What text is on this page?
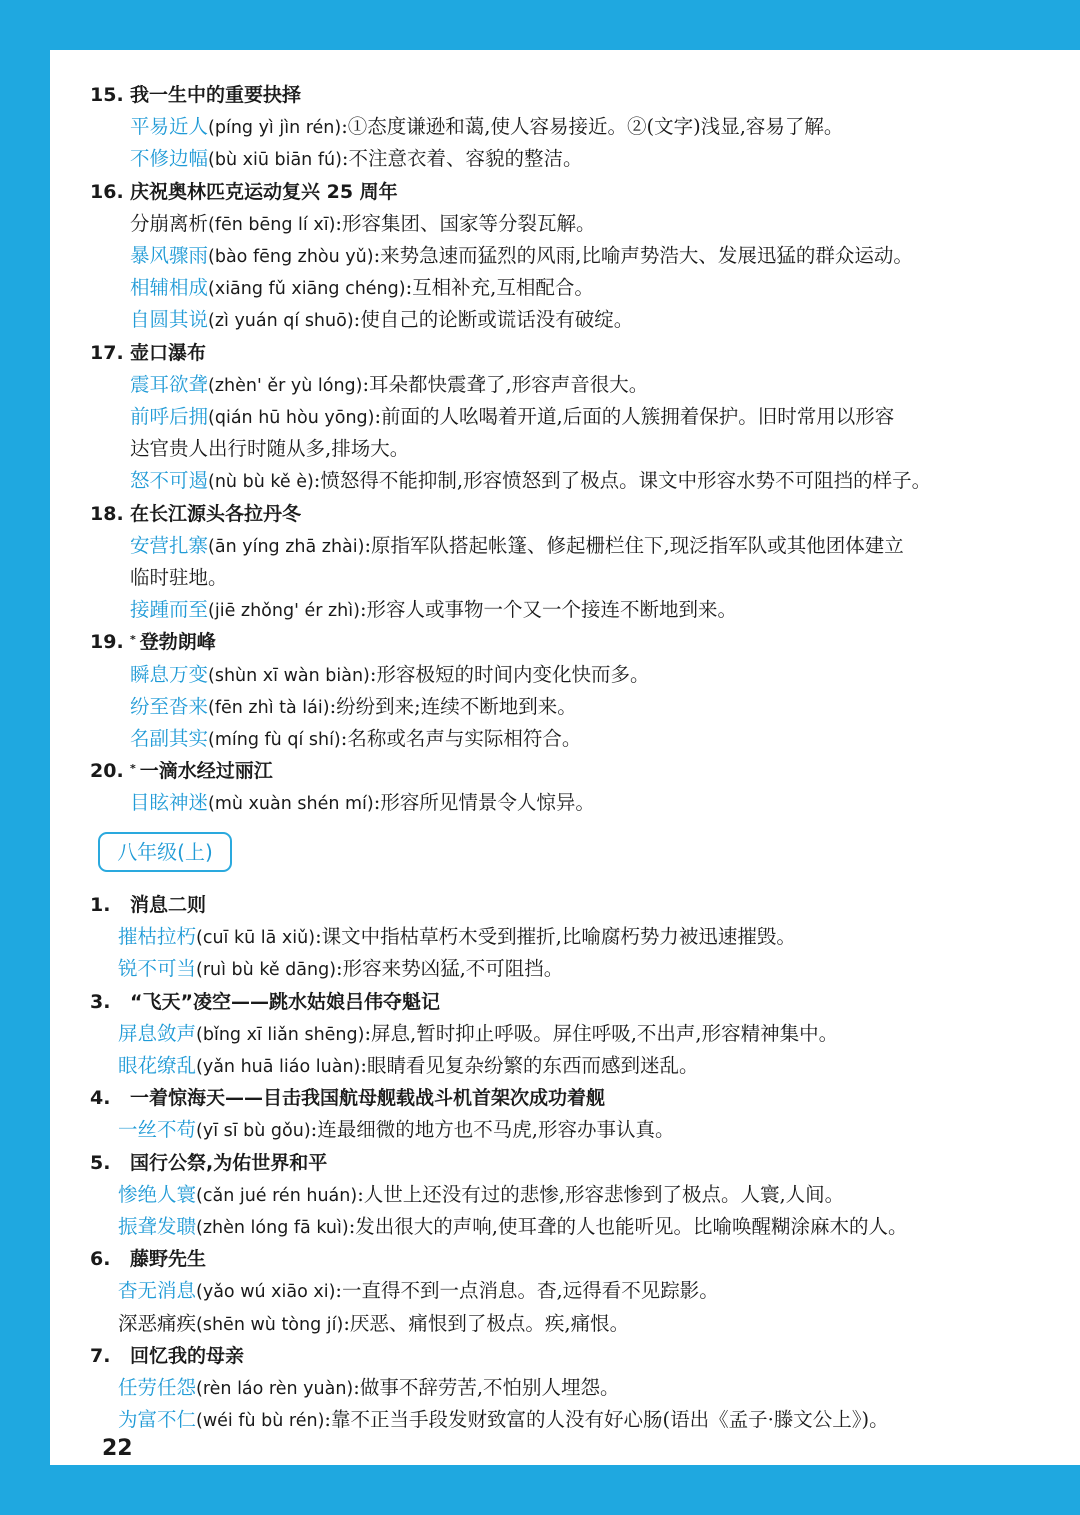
15. 我一生中的重要抉择
平易近人(píng yì jìn rén):①态度谦逊和蔼,使人容易接近。②(文字)浅显,容易了解。
不修边幅(bù xiū biān fú):不注意衣着、容貌的整洁。
16. 庆祝奥林匹克运动复兴 25 周年
分崩离析(fēn bēng lí xī):形容集团、国家等分裂瓦解。
暴风骤雨(bào fēng zhòu yǔ):来势急速而猛烈的风雨,比喻声势浩大、发展迅猛的群众运动。
相辅相成(xiāng fǔ xiāng chéng):互相补充,互相配合。
自圆其说(zì yuán qí shuō):使自己的论断或谎话没有破绽。
17. 壶口瀑布
震耳欲聋(zhèn' ěr yù lóng):耳朵都快震聋了,形容声音很大。
前呼后拥(qián hū hòu yōng):前面的人吆喝着开道,后面的人簇拥着保护。旧时常用以形容
达官贵人出行时随从多,排场大。
怒不可遏(nù bù kě è):愤怒得不能抑制,形容愤怒到了极点。课文中形容水势不可阻挡的样子。
18. 在长江源头各拉丹冬
安营扎寨(ān yíng zhā zhài):原指军队搭起帐篷、修起栅栏住下,现泛指军队或其他团体建立
临时驻地。
接踵而至(jiē zhǒng' ér zhì):形容人或事物一个又一个接连不断地到来。
19. * 登勃朗峰
瞬息万变(shùn xī wàn biàn):形容极短的时间内变化快而多。
纷至沓来(fēn zhì tà lái):纷纷到来;连续不断地到来。
名副其实(míng fù qí shí):名称或名声与实际相符合。
20. * 一滴水经过丽江
目眩神迷(mù xuàn shén mí):形容所见情景令人惊异。
1. 消息二则
摧枯拉朽(cuī kū lā xiǔ):课文中指枯草朽木受到摧折,比喻腐朽势力被迅速摧毁。
锐不可当(ruì bù kě dāng):形容来势凶猛,不可阻挡。
3. “飞天”凌空——跳水姑娘吕伟夺魁记
屏息敛声(bǐng xī liǎn shēng):屏息,暂时抑止呼吸。屏住呼吸,不出声,形容精神集中。
眼花缭乱(yǎn huā liáo luàn):眼睛看见复杂纷繁的东西而感到迷乱。
4. 一着惊海天——目击我国航母舰载战斗机首架次成功着舰
一丝不苟(yī sī bù gǒu):连最细微的地方也不马虎,形容办事认真。
5. 国行公祭,为佑世界和平
惨绝人寰(cǎn jué rén huán):人世上还没有过的悲惨,形容悲惨到了极点。人寰,人间。
振聋发聩(zhèn lóng fā kuì):发出很大的声响,使耳聋的人也能听见。比喻唤醒糊涂麻木的人。
6. 藤野先生
杳无消息(yǎo wú xiāo xi):一直得不到一点消息。杳,远得看不见踪影。
深恶痛疾(shēn wù tòng jí):厌恶、痛恨到了极点。疾,痛恨。
7. 回忆我的母亲
任劳任怨(rèn láo rèn yuàn):做事不辞劳苦,不怕别人埋怨。
为富不仁(wéi fù bù rén):靠不正当手段发财致富的人没有好心肠(语出《孟子·滕文公上》)。
八年级(上)
22
